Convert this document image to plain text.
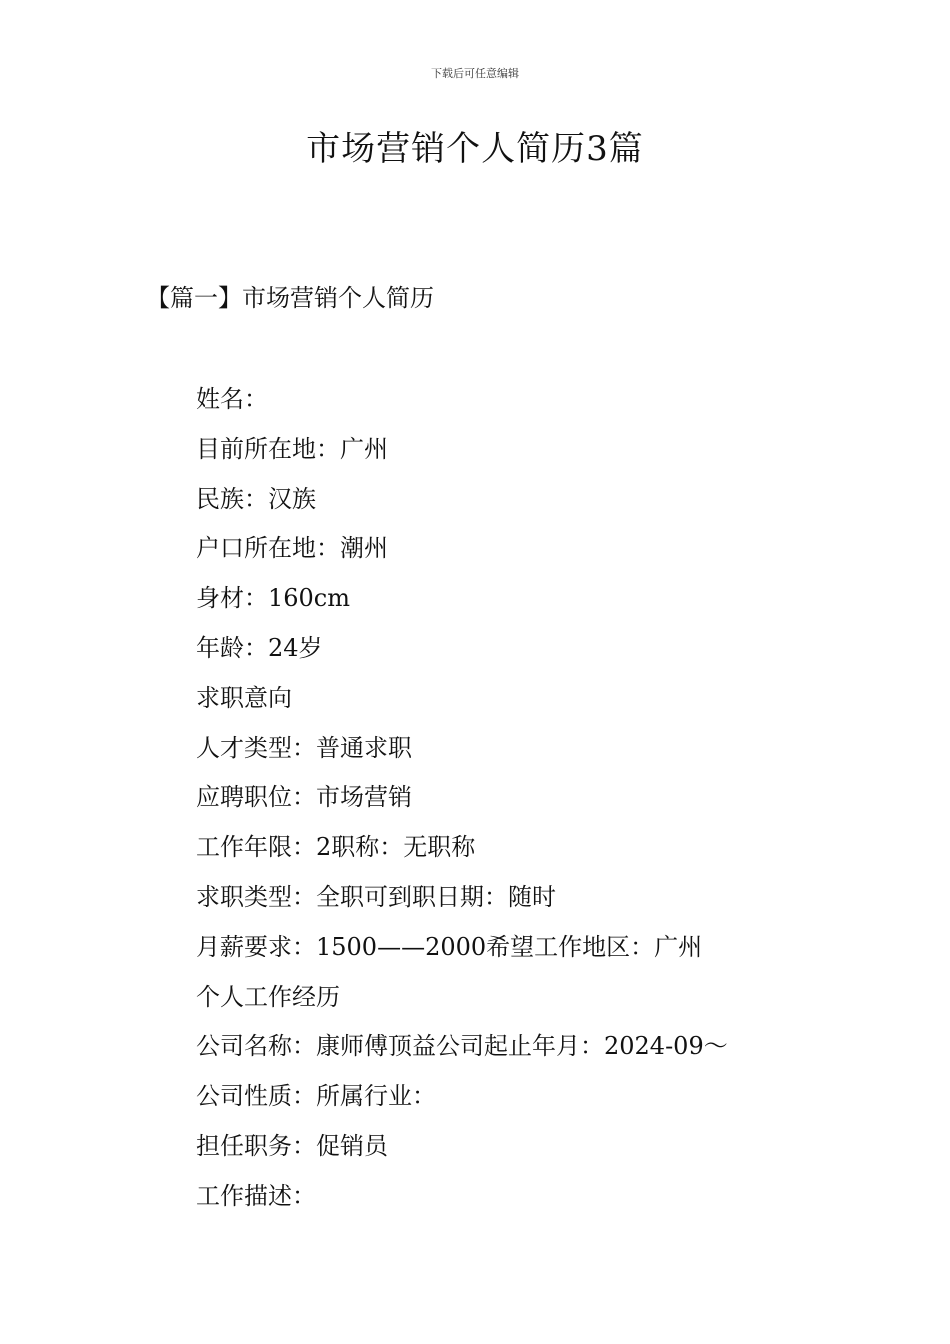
下载后可任意编辑
市场营销个人简历3篇
【篇一】市场营销个人简历
姓名：
目前所在地：广州
民族：汉族
户口所在地：潮州
身材：160cm
年龄：24岁
求职意向
人才类型：普通求职
应聘职位：市场营销
工作年限：2职称：无职称
求职类型：全职可到职日期：随时
月薪要求：1500——2000希望工作地区：广州
个人工作经历
公司名称：康师傅顶益公司起止年月：2024-09～
公司性质：所属行业：
担任职务：促销员
工作描述：
